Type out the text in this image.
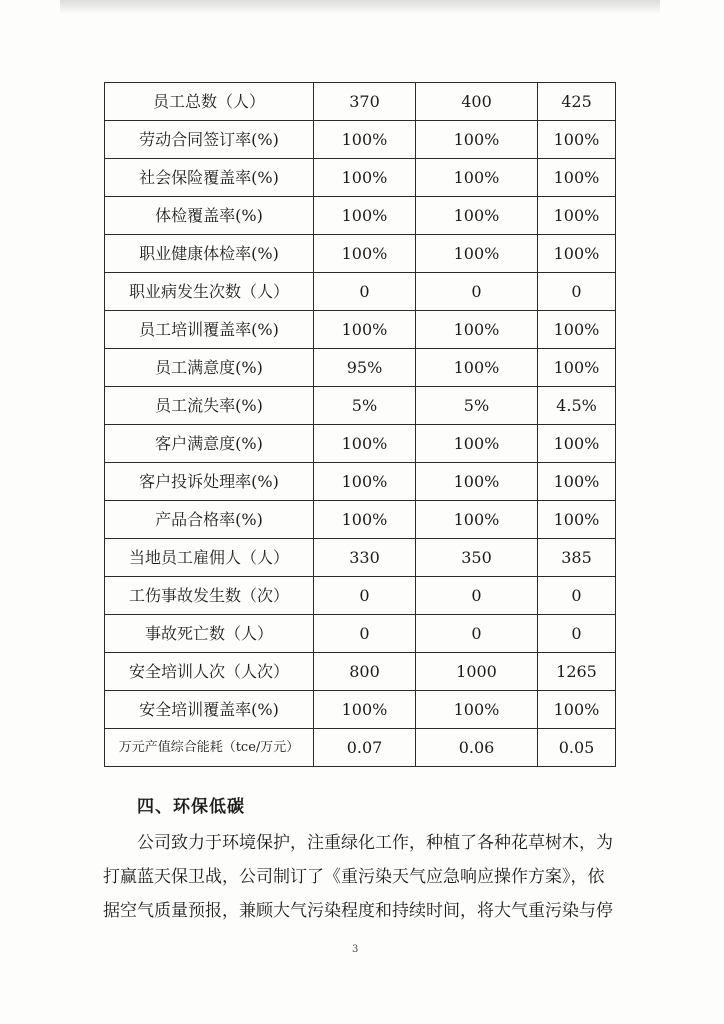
员工总数（人）	370	400	425
劳动合同签订率(%)	100%	100%	100%
社会保险覆盖率(%)	100%	100%	100%
体检覆盖率(%)	100%	100%	100%
职业健康体检率(%)	100%	100%	100%
职业病发生次数（人）	0	0	0
员工培训覆盖率(%)	100%	100%	100%
员工满意度(%)	95%	100%	100%
员工流失率(%)	5%	5%	4.5%
客户满意度(%)	100%	100%	100%
客户投诉处理率(%)	100%	100%	100%
产品合格率(%)	100%	100%	100%
当地员工雇佣人（人）	330	350	385
工伤事故发生数（次）	0	0	0
事故死亡数（人）	0	0	0
安全培训人次（人次）	800	1000	1265
安全培训覆盖率(%)	100%	100%	100%
万元产值综合能耗（tce/万元）	0.07	0.06	0.05
四、环保低碳
公司致力于环境保护，注重绿化工作，种植了各种花草树木，为
打赢蓝天保卫战，公司制订了《重污染天气应急响应操作方案》，依
据空气质量预报，兼顾大气污染程度和持续时间，将大气重污染与停
3
